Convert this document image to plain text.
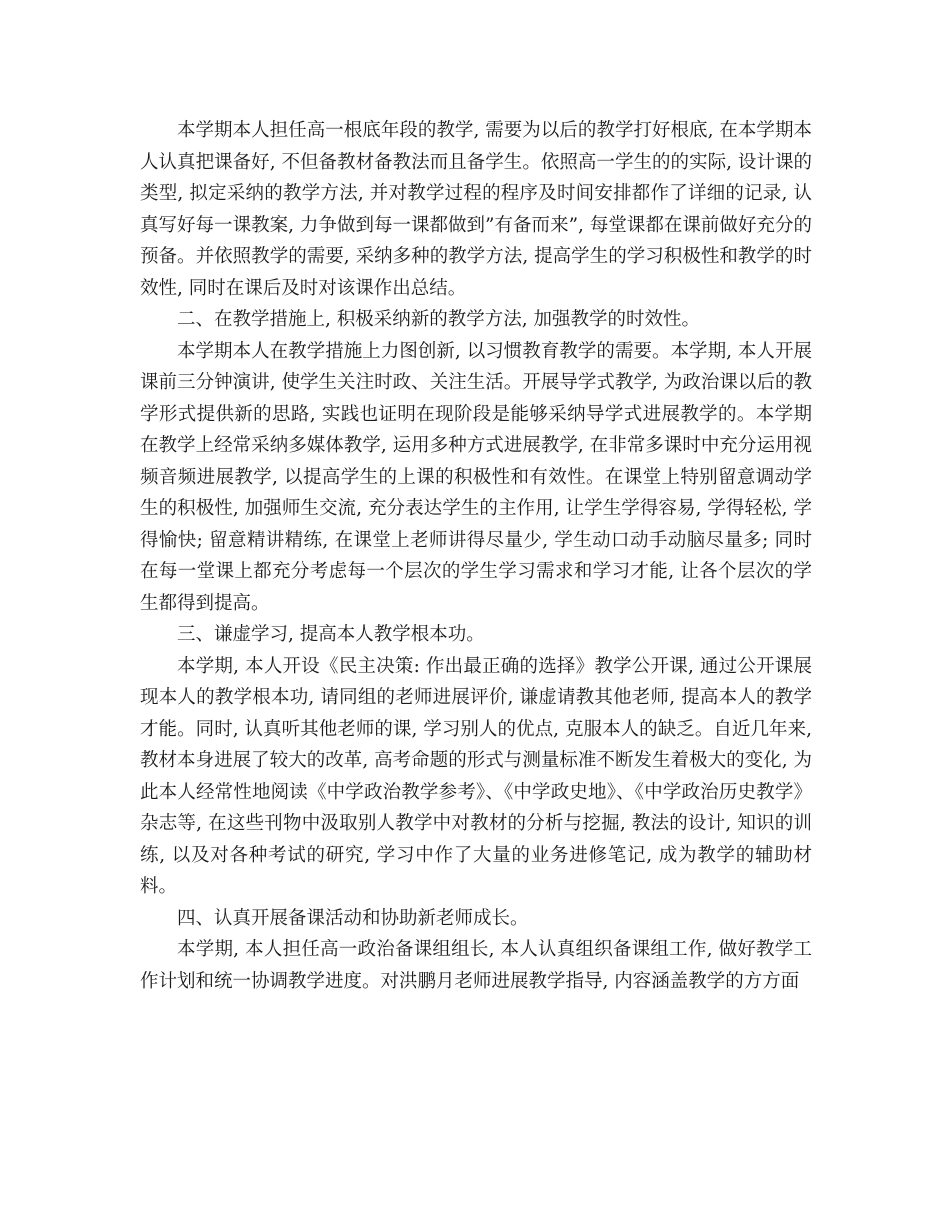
本学期本人担任高一根底年段的教学, 需要为以后的教学打好根底, 在本学期本人认真把课备好, 不但备教材备教法而且备学生。依照高一学生的的实际, 设计课的类型, 拟定采纳的教学方法, 并对教学过程的程序及时间安排都作了详细的记录, 认真写好每一课教案, 力争做到每一课都做到”有备而来”, 每堂课都在课前做好充分的预备。并依照教学的需要, 采纳多种的教学方法, 提高学生的学习积极性和教学的时效性, 同时在课后及时对该课作出总结。

二、在教学措施上, 积极采纳新的教学方法, 加强教学的时效性。

本学期本人在教学措施上力图创新, 以习惯教育教学的需要。本学期, 本人开展课前三分钟演讲, 使学生关注时政、关注生活。开展导学式教学, 为政治课以后的教学形式提供新的思路, 实践也证明在现阶段是能够采纳导学式进展教学的。本学期在教学上经常采纳多媒体教学, 运用多种方式进展教学, 在非常多课时中充分运用视频音频进展教学, 以提高学生的上课的积极性和有效性。在课堂上特别留意调动学生的积极性, 加强师生交流, 充分表达学生的主作用, 让学生学得容易, 学得轻松, 学得愉快; 留意精讲精练, 在课堂上老师讲得尽量少, 学生动口动手动脑尽量多; 同时在每一堂课上都充分考虑每一个层次的学生学习需求和学习才能, 让各个层次的学生都得到提高。

三、谦虚学习, 提高本人教学根本功。

本学期, 本人开设《民主决策: 作出最正确的选择》教学公开课, 通过公开课展现本人的教学根本功, 请同组的老师进展评价, 谦虚请教其他老师, 提高本人的教学才能。同时, 认真听其他老师的课, 学习别人的优点, 克服本人的缺乏。自近几年来, 教材本身进展了较大的改革, 高考命题的形式与测量标准不断发生着极大的变化, 为此本人经常性地阅读《中学政治教学参考》、《中学政史地》、《中学政治历史教学》杂志等, 在这些刊物中汲取别人教学中对教材的分析与挖掘, 教法的设计, 知识的训练, 以及对各种考试的研究, 学习中作了大量的业务进修笔记, 成为教学的辅助材料。

四、认真开展备课活动和协助新老师成长。

本学期, 本人担任高一政治备课组组长, 本人认真组织备课组工作, 做好教学工作计划和统一协调教学进度。对洪鹏月老师进展教学指导, 内容涵盖教学的方方面
